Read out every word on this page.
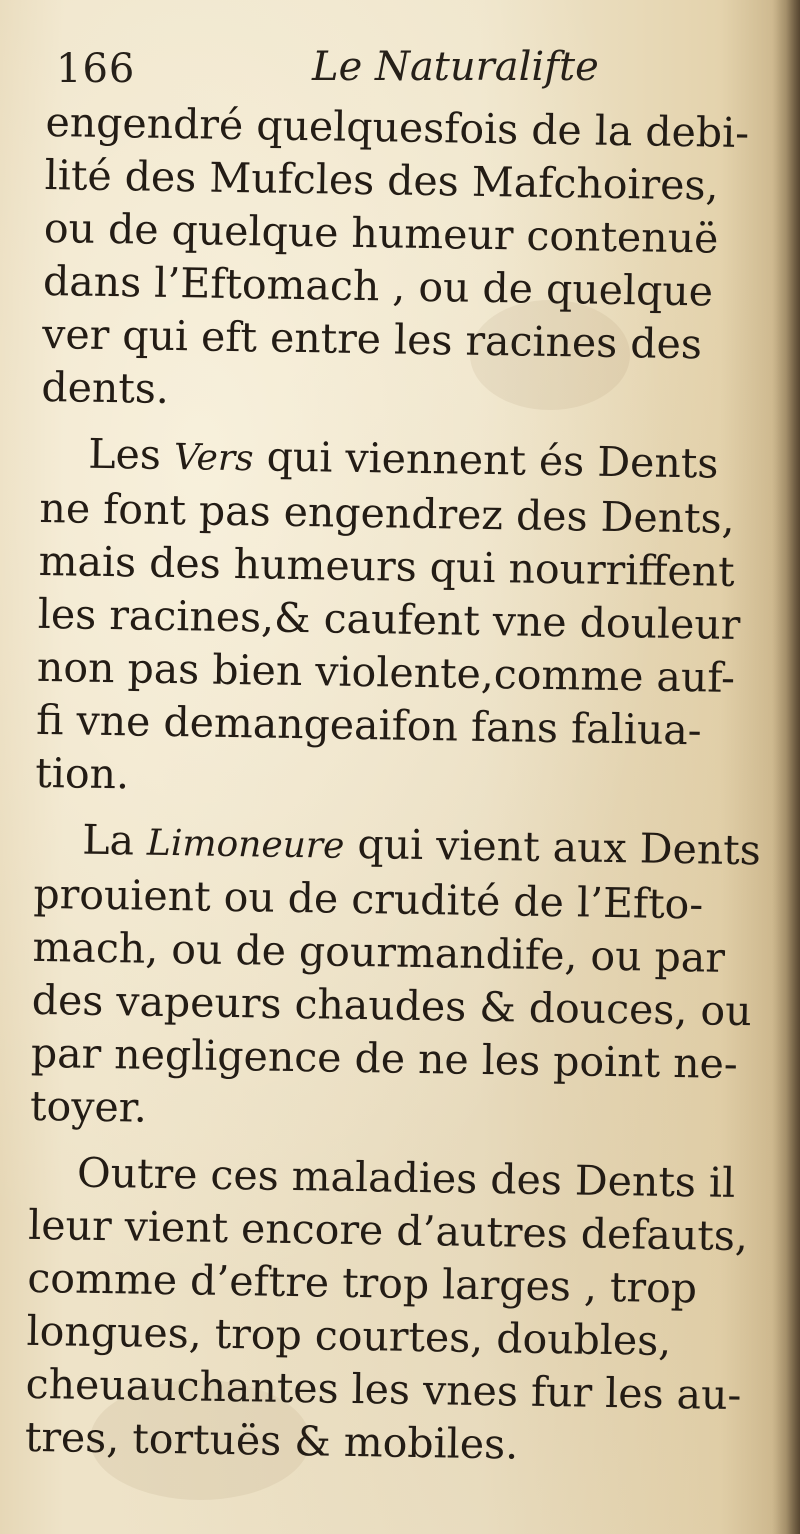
166	Le Naturalifte
engendré quelquesfois de la debi-
lité des Mufcles des Mafchoires,
ou de quelque humeur contenuë
dans l’Eftomach , ou de quelque
ver qui eft entre les racines des
dents.
Les Vers qui viennent és Dents
ne font pas engendrez des Dents,
mais des humeurs qui nourriffent
les racines,& caufent vne douleur
non pas bien violente,comme auf-
fi vne demangeaifon fans faliua-
tion.
La Limoneure qui vient aux Dents
prouient ou de crudité de l’Efto-
mach, ou de gourmandife, ou par
des vapeurs chaudes & douces, ou
par negligence de ne les point ne-
toyer.
Outre ces maladies des Dents il
leur vient encore d’autres defauts,
comme d’eftre trop larges , trop
longues, trop courtes, doubles,
cheuauchantes les vnes fur les au-
tres, tortuës & mobiles.
